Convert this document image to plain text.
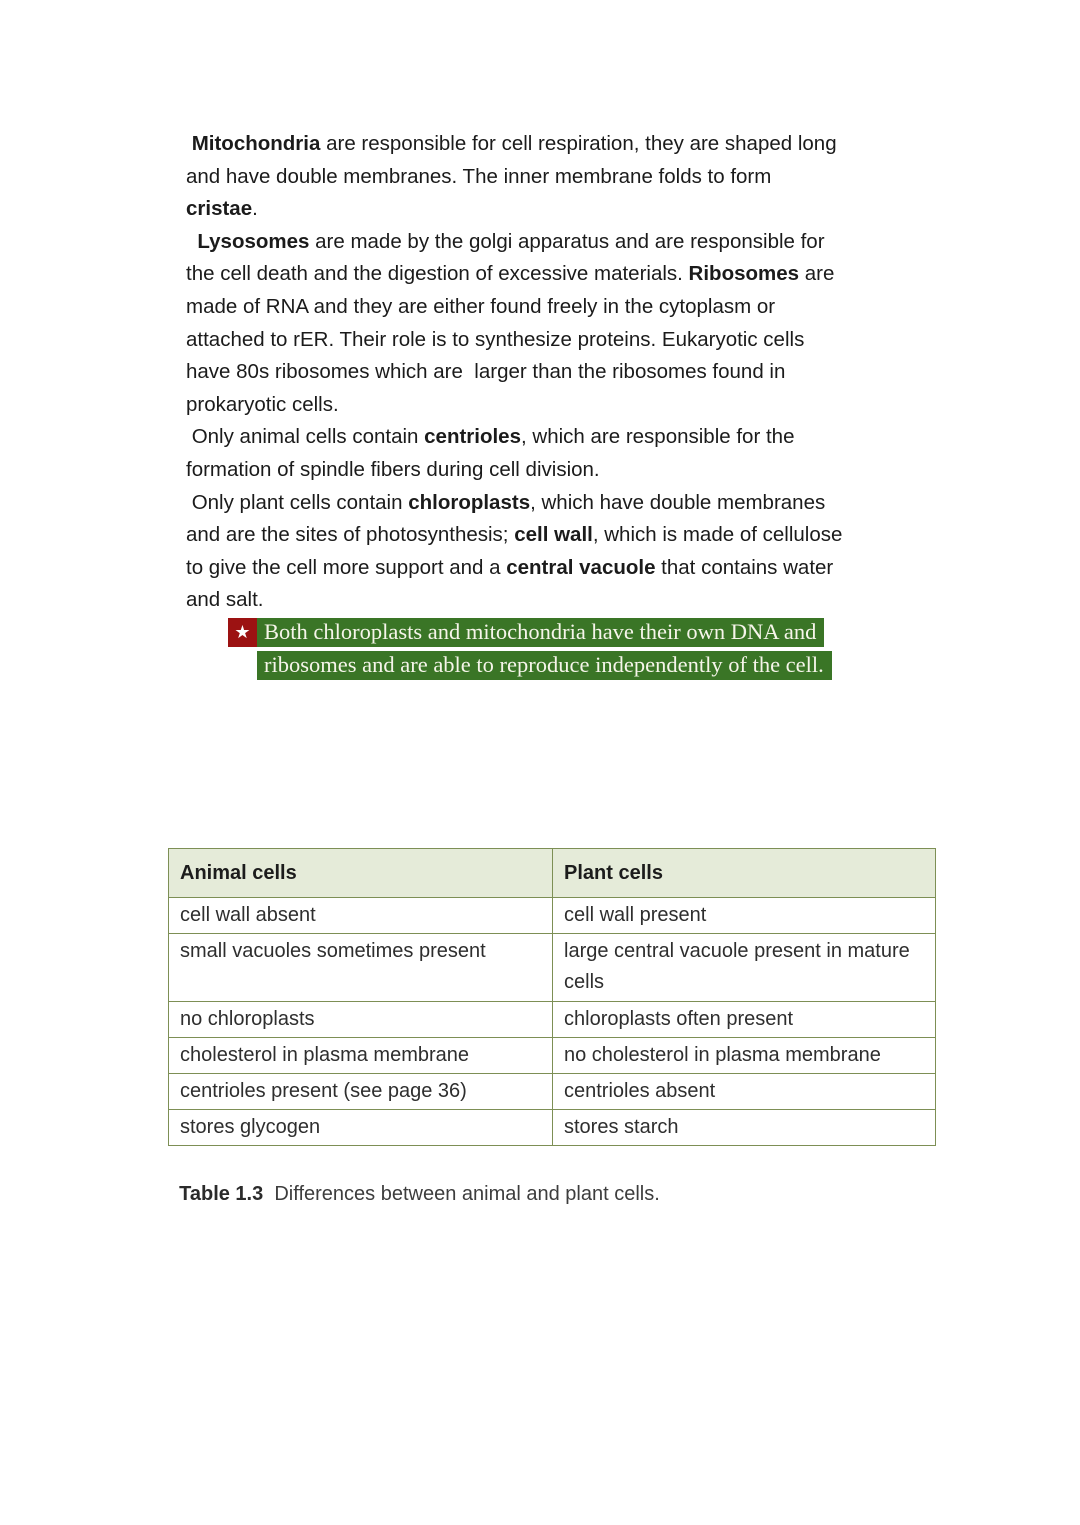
Mitochondria are responsible for cell respiration, they are shaped long
and have double membranes. The inner membrane folds to form
cristae.
Lysosomes are made by the golgi apparatus and are responsible for
the cell death and the digestion of excessive materials. Ribosomes are
made of RNA and they are either found freely in the cytoplasm or
attached to rER. Their role is to synthesize proteins. Eukaryotic cells
have 80s ribosomes which are  larger than the ribosomes found in
prokaryotic cells.
Only animal cells contain centrioles, which are responsible for the
formation of spindle fibers during cell division.
Only plant cells contain chloroplasts, which have double membranes
and are the sites of photosynthesis; cell wall, which is made of cellulose
to give the cell more support and a central vacuole that contains water
and salt.
★ Both chloroplasts and mitochondria have their own DNA and
ribosomes and are able to reproduce independently of the cell.
Animal cells	Plant cells
cell wall absent	cell wall present
small vacuoles sometimes present	large central vacuole present in mature cells
no chloroplasts	chloroplasts often present
cholesterol in plasma membrane	no cholesterol in plasma membrane
centrioles present (see page 36)	centrioles absent
stores glycogen	stores starch

Table 1.3  Differences between animal and plant cells.
